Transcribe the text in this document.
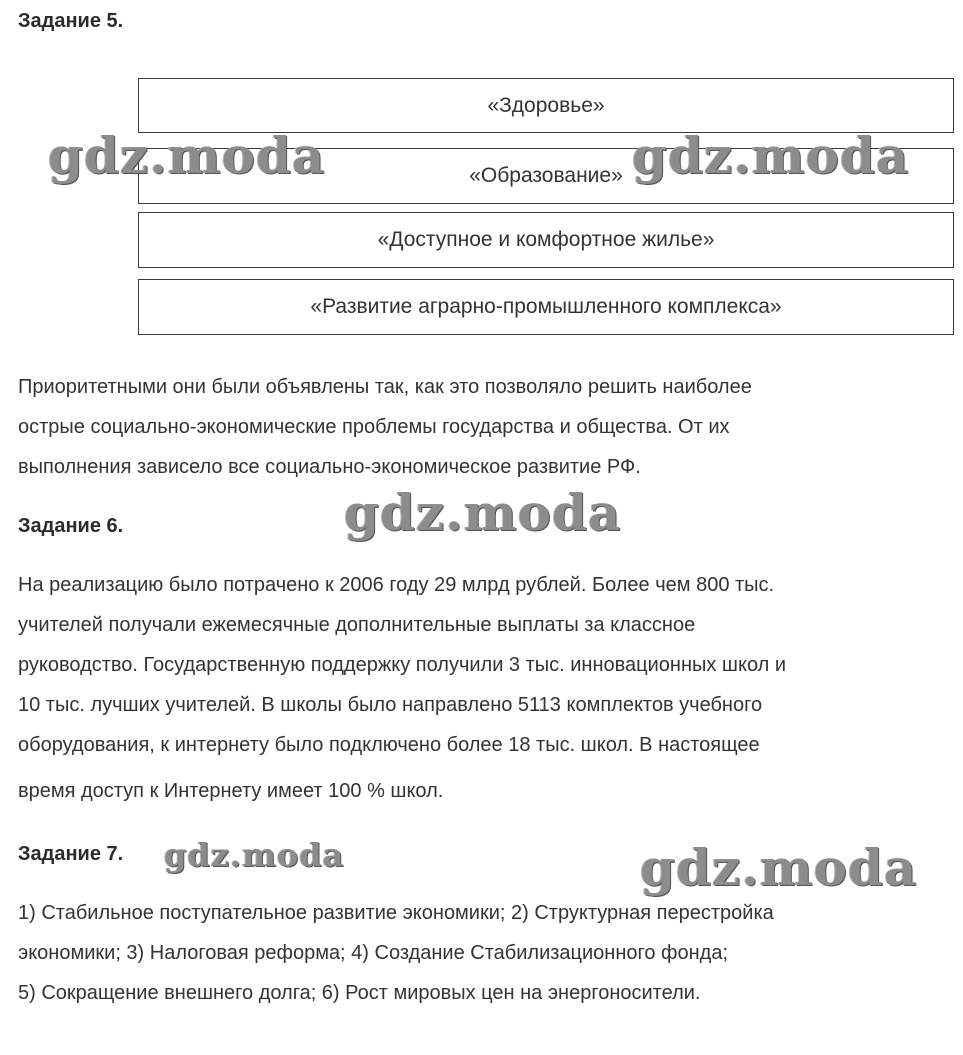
Задание 5.
«Здоровье»
«Образование»
«Доступное и комфортное жилье»
«Развитие аграрно-промышленного комплекса»
Приоритетными они были объявлены так, как это позволяло решить наиболее
острые социально-экономические проблемы государства и общества. От их
выполнения зависело все социально-экономическое развитие РФ.
Задание 6.
На реализацию было потрачено к 2006 году 29 млрд рублей. Более чем 800 тыс.
учителей получали ежемесячные дополнительные выплаты за классное
руководство. Государственную поддержку получили 3 тыс. инновационных школ и
10 тыс. лучших учителей. В школы было направлено 5113 комплектов учебного
оборудования, к интернету было подключено более 18 тыс. школ. В настоящее
время доступ к Интернету имеет 100 % школ.
Задание 7.
1) Стабильное поступательное развитие экономики; 2) Структурная перестройка
экономики; 3) Налоговая реформа; 4) Создание Стабилизационного фонда;
5) Сокращение внешнего долга; 6) Рост мировых цен на энергоносители.
gdz.moda	gdz.moda
gdz.moda
gdz.moda	gdz.moda
